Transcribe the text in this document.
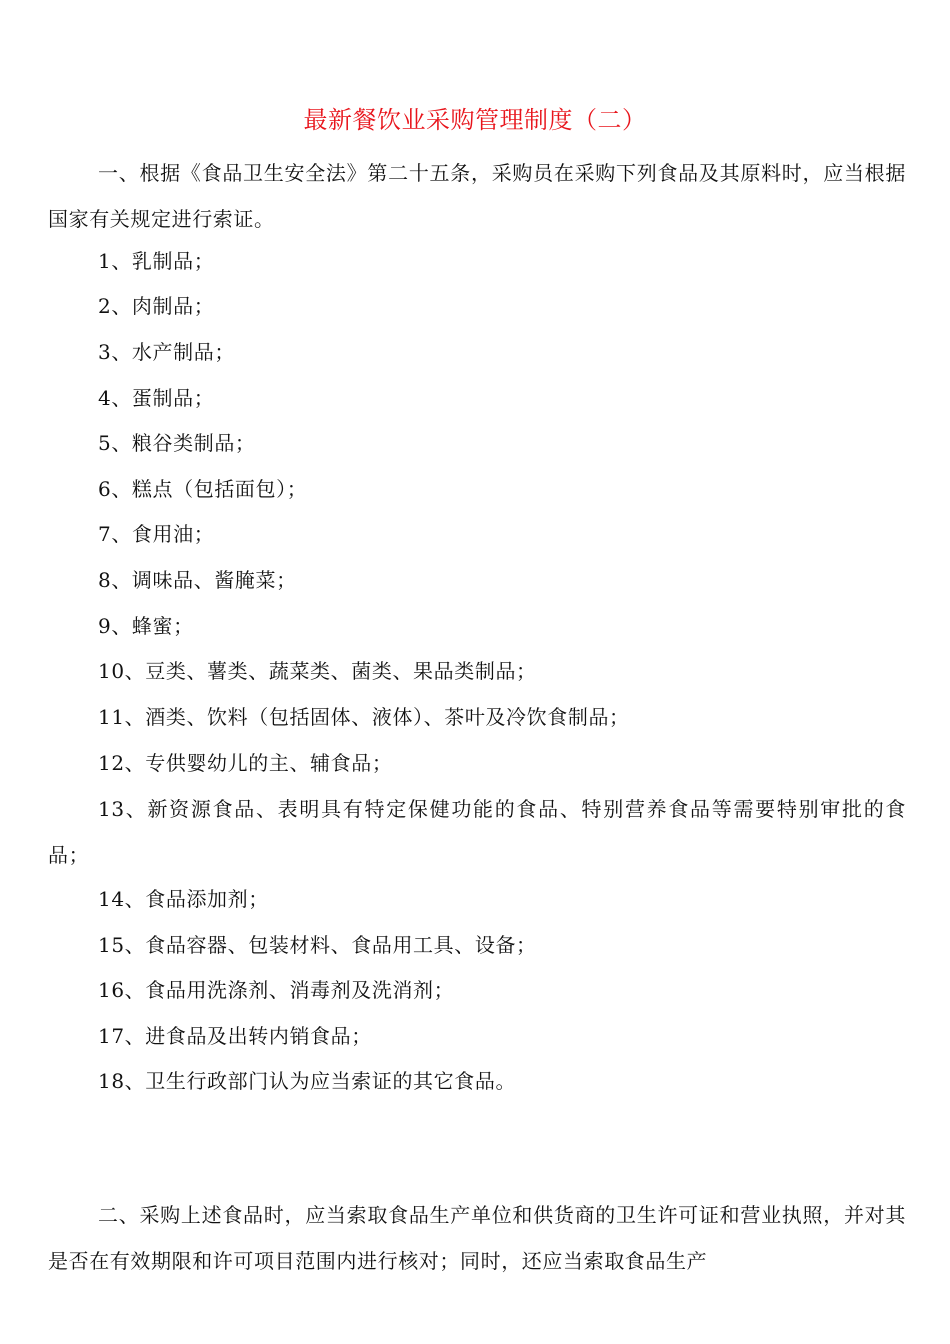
最新餐饮业采购管理制度（二）
一、根据《食品卫生安全法》第二十五条，采购员在采购下列食品及其原料时，应当根据国家有关规定进行索证。
1、乳制品；
2、肉制品；
3、水产制品；
4、蛋制品；
5、粮谷类制品；
6、糕点（包括面包）；
7、食用油；
8、调味品、酱腌菜；
9、蜂蜜；
10、豆类、薯类、蔬菜类、菌类、果品类制品；
11、酒类、饮料（包括固体、液体）、茶叶及冷饮食制品；
12、专供婴幼儿的主、辅食品；
13、新资源食品、表明具有特定保健功能的食品、特别营养食品等需要特别审批的食品；
14、食品添加剂；
15、食品容器、包装材料、食品用工具、设备；
16、食品用洗涤剂、消毒剂及洗消剂；
17、进食品及出转内销食品；
18、卫生行政部门认为应当索证的其它食品。
二、采购上述食品时，应当索取食品生产单位和供货商的卫生许可证和营业执照，并对其是否在有效期限和许可项目范围内进行核对；同时，还应当索取食品生产
